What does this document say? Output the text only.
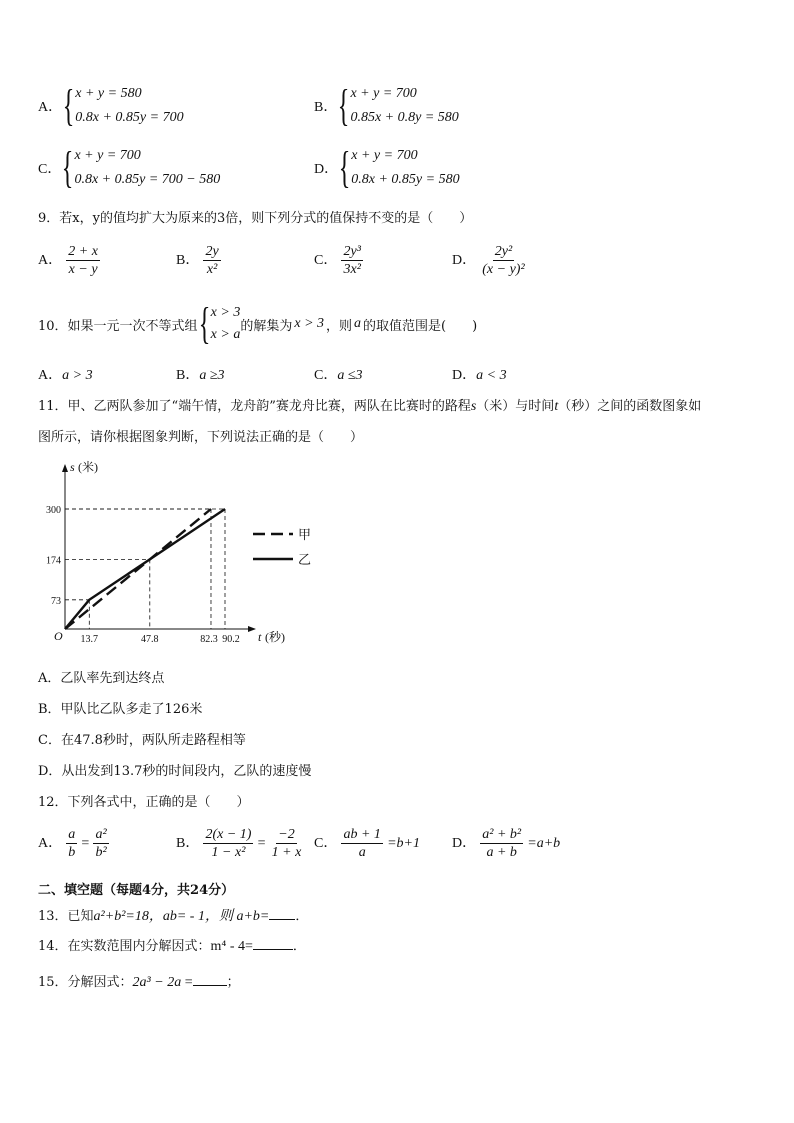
A． { x + y = 580
0.8x + 0.85y = 700
B． { x + y = 700
0.85x + 0.8y = 580
C． { x + y = 700
0.8x + 0.85y = 700 − 580
D． { x + y = 700
0.8x + 0.85y = 580
9．若x，y的值均扩大为原来的3倍，则下列分式的值保持不变的是（　　）
A． $\frac{2 + x}{x - y}$	B． $\frac{2y}{\text{x²}}$	C． $\frac{\text{2y³}}{\text{3x²}}$	D． $\frac{\text{2y²}}{\text{(x − y)²}}$
10．如果一元一次不等式组 { x > 3
x > a
的解集为 x > 3 ，则 a 的取值范围是(　　)
A．a > 3	B．a ≥3	C．a ≤3	D．a < 3
11．甲、乙两队参加了“端午情，龙舟韵”赛龙舟比赛，两队在比赛时的路程s（米）与时间t（秒）之间的函数图象如
图所示，请你根据图象判断，下列说法正确的是（　　）
s (米)
t (秒)
O 13.7	47.8	82.3 90.2
73
174
300
甲
乙
A．乙队率先到达终点
B．甲队比乙队多走了126米
C．在47.8秒时，两队所走路程相等
D．从出发到13.7秒的时间段内，乙队的速度慢
12．下列各式中，正确的是（　　）
A． $\frac{a}{b} = \frac{\text{a²}}{\text{b²}}$	B． $\frac{2(x - 1)}{\text{1 − x²}} = \frac{-2}{1 + x}$ C． $\frac{ab + 1}{a} =b+1$ D． $\frac{\text{a² + b²}}{a + b} =a+b$
二、填空题（每题4分，共24分）
13．已知a²+b²=18，ab= - 1，则 a+b= ．
14．在实数范围内分解因式：m⁴ - 4=	．
15．分解因式：2a³ − 2a =	；
